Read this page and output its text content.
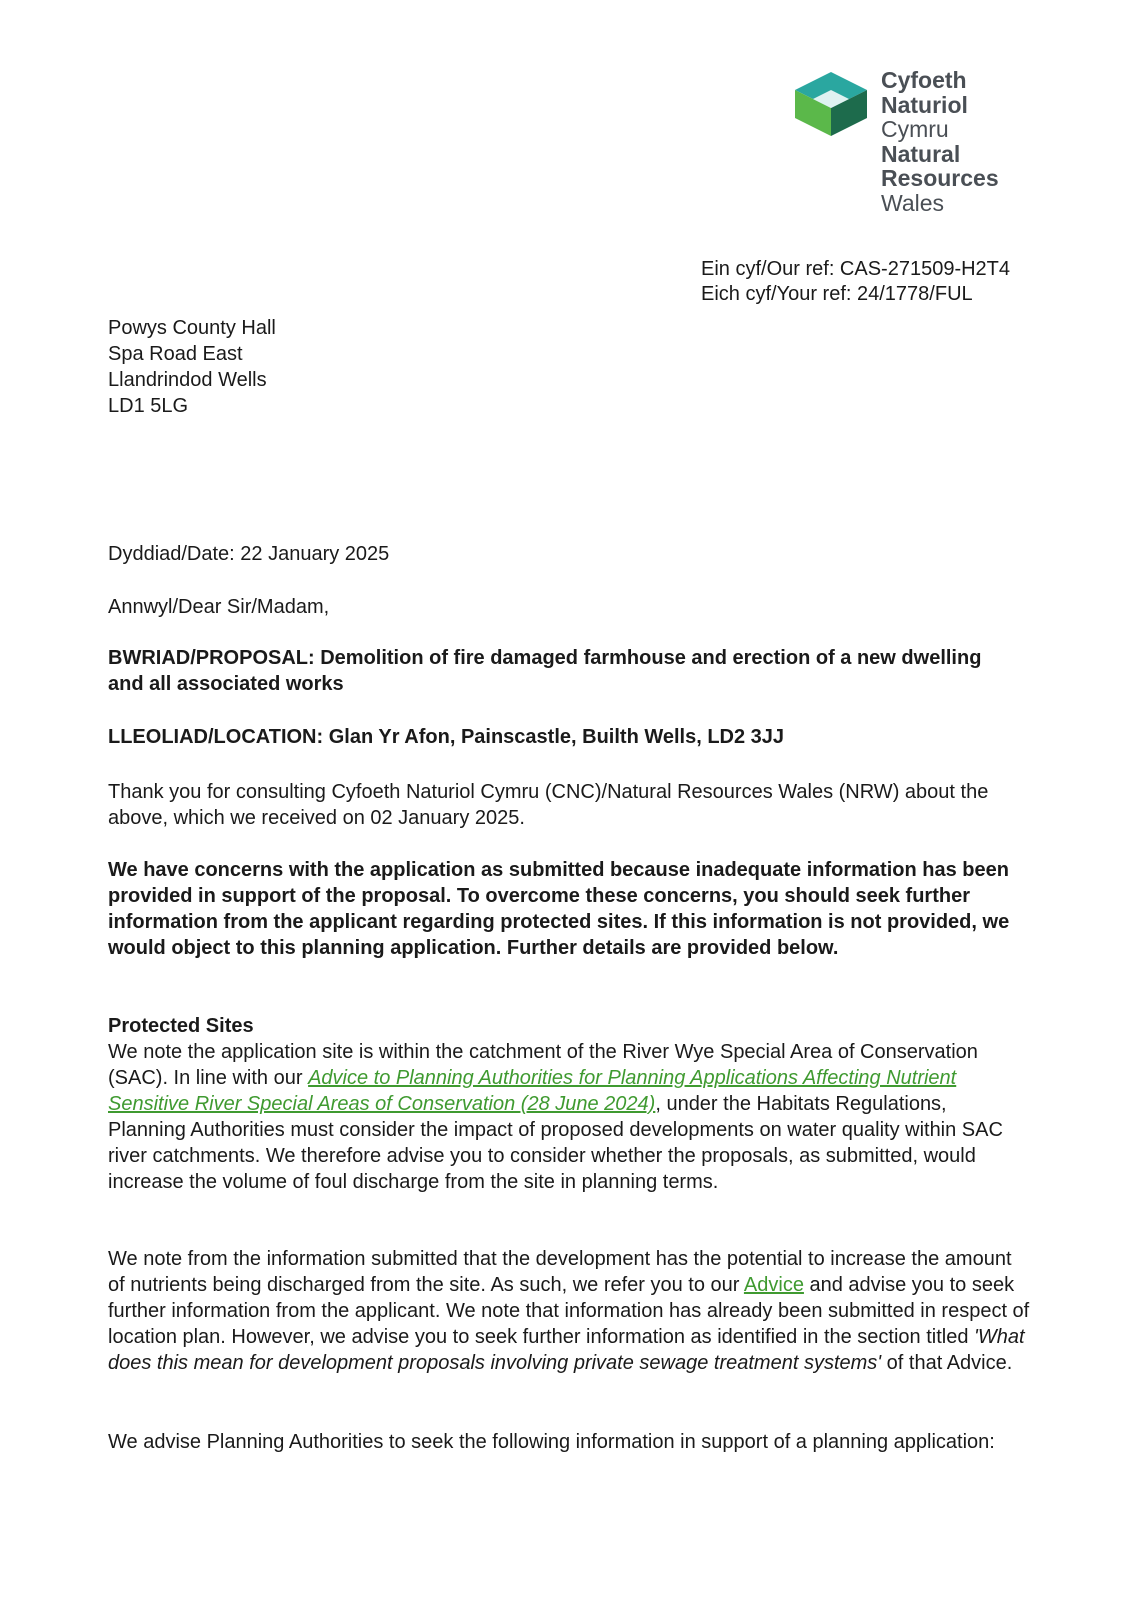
Cyfoeth
Naturiol
Cymru
Natural
Resources
Wales
Ein cyf/Our ref: CAS-271509-H2T4
Eich cyf/Your ref: 24/1778/FUL
Powys County Hall
Spa Road East
Llandrindod Wells
LD1 5LG

Dyddiad/Date: 22 January 2025

Annwyl/Dear Sir/Madam,

BWRIAD/PROPOSAL: Demolition of fire damaged farmhouse and erection of a new dwelling and all associated works

LLEOLIAD/LOCATION: Glan Yr Afon, Painscastle, Builth Wells, LD2 3JJ

Thank you for consulting Cyfoeth Naturiol Cymru (CNC)/Natural Resources Wales (NRW) about the above, which we received on 02 January 2025.

We have concerns with the application as submitted because inadequate information has been provided in support of the proposal. To overcome these concerns, you should seek further information from the applicant regarding protected sites. If this information is not provided, we would object to this planning application. Further details are provided below.

Protected Sites

We note the application site is within the catchment of the River Wye Special Area of Conservation (SAC). In line with our Advice to Planning Authorities for Planning Applications Affecting Nutrient Sensitive River Special Areas of Conservation (28 June 2024), under the Habitats Regulations, Planning Authorities must consider the impact of proposed developments on water quality within SAC river catchments. We therefore advise you to consider whether the proposals, as submitted, would increase the volume of foul discharge from the site in planning terms.

We note from the information submitted that the development has the potential to increase the amount of nutrients being discharged from the site. As such, we refer you to our Advice and advise you to seek further information from the applicant. We note that information has already been submitted in respect of location plan. However, we advise you to seek further information as identified in the section titled 'What does this mean for development proposals involving private sewage treatment systems' of that Advice.

We advise Planning Authorities to seek the following information in support of a planning application:
